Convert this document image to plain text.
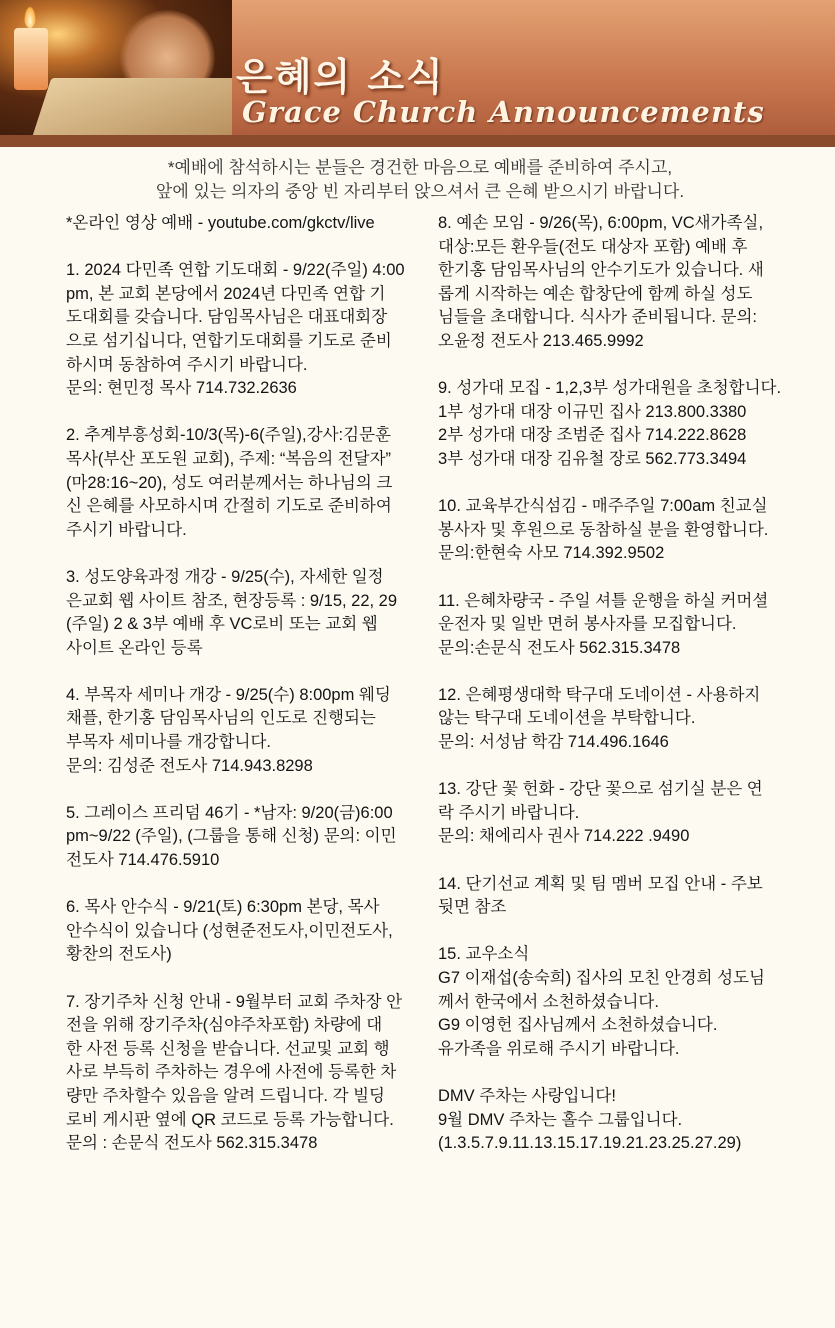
은혜의 소식
Grace Church Announcements
*예배에 참석하시는 분들은 경건한 마음으로 예배를 준비하여 주시고,
앞에 있는 의자의 중앙 빈 자리부터 앉으셔서 큰 은혜 받으시기 바랍니다.
*온라인 영상 예배 - youtube.com/gkctv/live
1. 2024 다민족 연합 기도대회 - 9/22(주일) 4:00
pm, 본 교회 본당에서 2024년 다민족 연합 기
도대회를 갖습니다. 담임목사님은 대표대회장
으로 섬기십니다, 연합기도대회를 기도로 준비
하시며 동참하여 주시기 바랍니다.
문의: 현민정 목사 714.732.2636
2. 추계부흥성회-10/3(목)-6(주일),강사:김문훈
목사(부산 포도원 교회), 주제: “복음의 전달자”
(마28:16~20), 성도 여러분께서는 하나님의 크
신 은혜를 사모하시며 간절히 기도로 준비하여
주시기 바랍니다.
3. 성도양육과정 개강 - 9/25(수), 자세한 일정
은교회 웹 사이트 참조, 현장등록 : 9/15, 22, 29
(주일) 2 & 3부 예배 후 VC로비 또는 교회 웹
사이트 온라인 등록
4. 부목자 세미나 개강 - 9/25(수) 8:00pm 웨딩
채플, 한기홍 담임목사님의 인도로 진행되는
부목자 세미나를 개강합니다.
문의: 김성준 전도사 714.943.8298
5. 그레이스 프리덤 46기 - *남자: 9/20(금)6:00
pm~9/22 (주일), (그룹을 통해 신청) 문의: 이민
전도사 714.476.5910
6. 목사 안수식 - 9/21(토) 6:30pm 본당, 목사
안수식이 있습니다 (성현준전도사,이민전도사,
황찬의 전도사)
7. 장기주차 신청 안내 - 9월부터 교회 주차장 안
전을 위해 장기주차(심야주차포함) 차량에 대
한 사전 등록 신청을 받습니다. 선교및 교회 행
사로 부득히 주차하는 경우에 사전에 등록한 차
량만 주차할수 있음을 알려 드립니다. 각 빌딩
로비 게시판 옆에 QR 코드로 등록 가능합니다.
문의 : 손문식 전도사 562.315.3478
8. 예손 모임 - 9/26(목), 6:00pm, VC새가족실,
대상:모든 환우들(전도 대상자 포함) 예배 후
한기홍 담임목사님의 안수기도가 있습니다. 새
롭게 시작하는 예손 합창단에 함께 하실 성도
님들을 초대합니다. 식사가 준비됩니다. 문의:
오윤정 전도사 213.465.9992
9. 성가대 모집 - 1,2,3부 성가대원을 초청합니다.
1부 성가대 대장 이규민 집사 213.800.3380
2부 성가대 대장 조범준 집사 714.222.8628
3부 성가대 대장 김유철 장로 562.773.3494
10. 교육부간식섬김 - 매주주일 7:00am 친교실
봉사자 및 후원으로 동참하실 분을 환영합니다.
문의:한현숙 사모 714.392.9502
11. 은혜차량국 - 주일 셔틀 운행을 하실 커머셜
운전자 및 일반 면허 봉사자를 모집합니다.
문의:손문식 전도사 562.315.3478
12. 은혜평생대학 탁구대 도네이션 - 사용하지
않는 탁구대 도네이션을 부탁합니다.
문의: 서성남 학감 714.496.1646
13. 강단 꽃 헌화 - 강단 꽃으로 섬기실 분은 연
락 주시기 바랍니다.
문의: 채에리사 권사 714.222 .9490
14. 단기선교 계획 및 팀 멤버 모집 안내 - 주보
뒷면 참조
15. 교우소식
G7 이재섭(송숙희) 집사의 모친 안경희 성도님
께서 한국에서 소천하셨습니다.
G9 이영헌 집사님께서 소천하셨습니다.
유가족을 위로해 주시기 바랍니다.
DMV 주차는 사랑입니다!
9월 DMV 주차는 홀수 그룹입니다.
(1.3.5.7.9.11.13.15.17.19.21.23.25.27.29)
